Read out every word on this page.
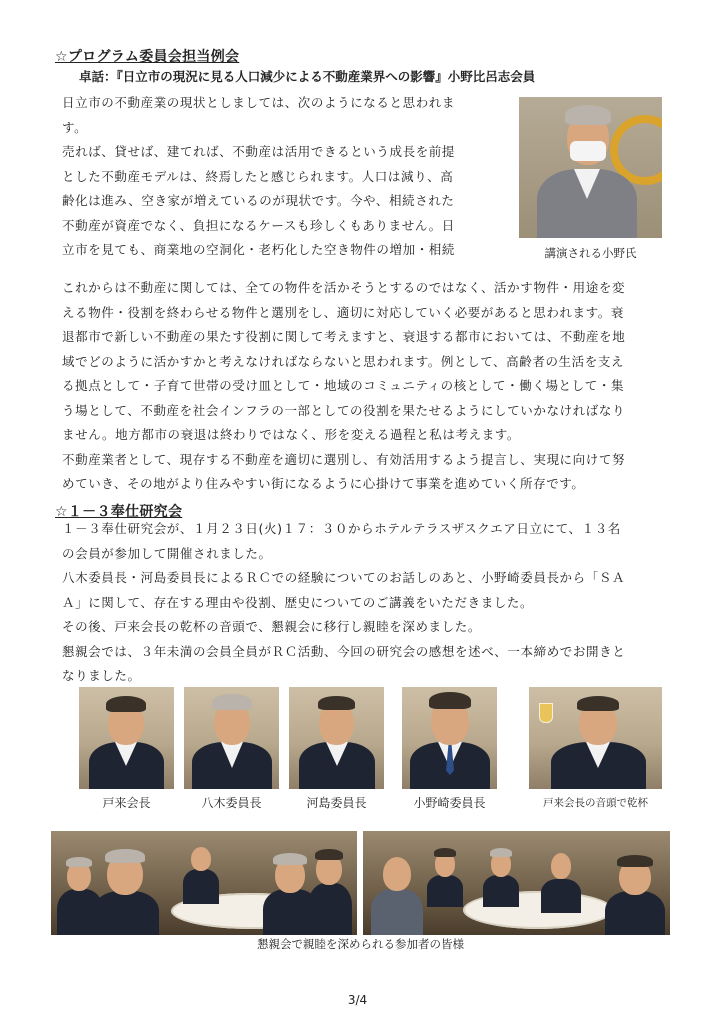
☆プログラム委員会担当例会
卓話：『日立市の現況に見る人口減少による不動産業界への影響』小野比呂志会員
日立市の不動産業の現状としましては、次のようになると思われま
す。
売れば、貸せば、建てれば、不動産は活用できるという成長を前提
とした不動産モデルは、終焉したと感じられます。人口は減り、高
齢化は進み、空き家が増えているのが現状です。今や、相続された
不動産が資産でなく、負担になるケースも珍しくもありません。日
立市を見ても、商業地の空洞化・老朽化した空き物件の増加・相続	講演される小野氏
これからは不動産に関しては、全ての物件を活かそうとするのではなく、活かす物件・用途を変
える物件・役割を終わらせる物件と選別をし、適切に対応していく必要があると思われます。衰
退都市で新しい不動産の果たす役割に関して考えますと、衰退する都市においては、不動産を地
域でどのように活かすかと考えなければならないと思われます。例として、高齢者の生活を支え
る拠点として・子育て世帯の受け皿として・地域のコミュニティの核として・働く場として・集
う場として、不動産を社会インフラの一部としての役割を果たせるようにしていかなければなり
ません。地方都市の衰退は終わりではなく、形を変える過程と私は考えます。
不動産業者として、現存する不動産を適切に選別し、有効活用するよう提言し、実現に向けて努
めていき、その地がより住みやすい街になるように心掛けて事業を進めていく所存です。
☆１－３奉仕研究会
１－３奉仕研究会が、１月２３日(火)１７：３０からホテルテラスザスクエア日立にて、１３名
の会員が参加して開催されました。
八木委員長・河島委員長によるＲＣでの経験についてのお話しのあと、小野崎委員長から「ＳＡ
Ａ」に関して、存在する理由や役割、歴史についてのご講義をいただきました。
その後、戸来会長の乾杯の音頭で、懇親会に移行し親睦を深めました。
懇親会では、３年未満の会員全員がＲＣ活動、今回の研究会の感想を述べ、一本締めでお開きと
なりました。
戸来会長	八木委員長	河島委員長	小野崎委員長	戸来会長の音頭で乾杯
懇親会で親睦を深められる参加者の皆様
3/4
